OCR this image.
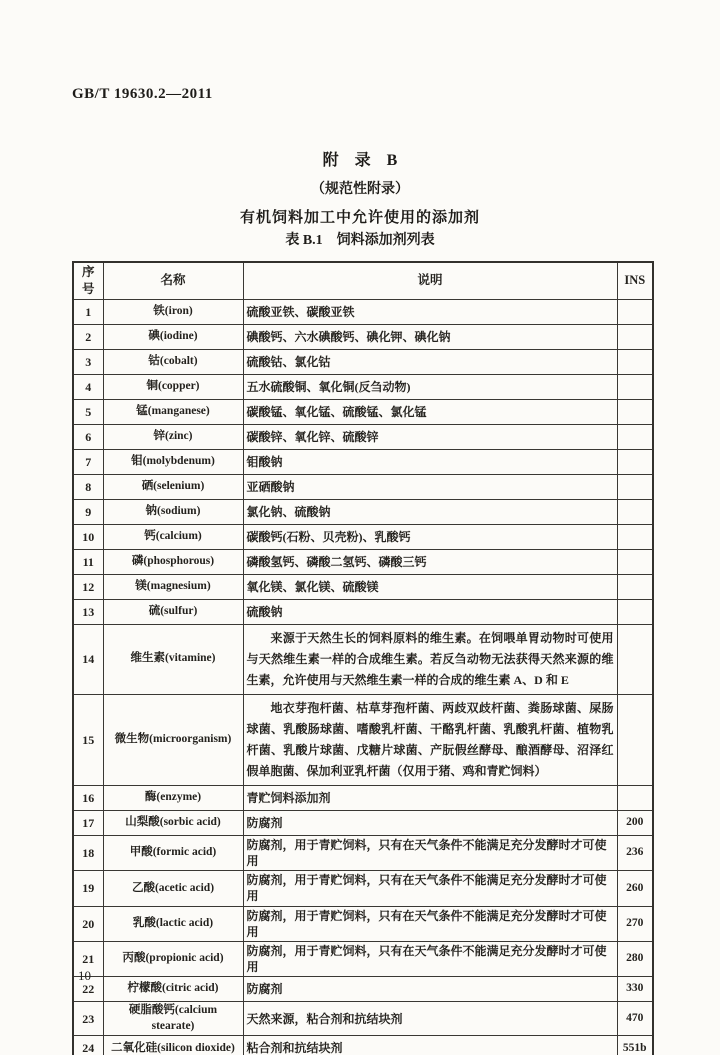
GB/T 19630.2—2011
附　录　B
（规范性附录）
有机饲料加工中允许使用的添加剂
表 B.1　饲料添加剂列表
序号	名称	说明	INS
1	铁(iron)	硫酸亚铁、碳酸亚铁	
2	碘(iodine)	碘酸钙、六水碘酸钙、碘化钾、碘化钠	
3	钴(cobalt)	硫酸钴、氯化钴	
4	铜(copper)	五水硫酸铜、氧化铜(反刍动物)	
5	锰(manganese)	碳酸锰、氧化锰、硫酸锰、氯化锰	
6	锌(zinc)	碳酸锌、氧化锌、硫酸锌	
7	钼(molybdenum)	钼酸钠	
8	硒(selenium)	亚硒酸钠	
9	钠(sodium)	氯化钠、硫酸钠	
10	钙(calcium)	碳酸钙(石粉、贝壳粉)、乳酸钙	
11	磷(phosphorous)	磷酸氢钙、磷酸二氢钙、磷酸三钙	
12	镁(magnesium)	氧化镁、氯化镁、硫酸镁	
13	硫(sulfur)	硫酸钠	
14	维生素(vitamine)	来源于天然生长的饲料原料的维生素。在饲喂单胃动物时可使用与天然维生素一样的合成维生素。若反刍动物无法获得天然来源的维生素，允许使用与天然维生素一样的合成的维生素 A、D 和 E	
15	微生物(microorganism)	地衣芽孢杆菌、枯草芽孢杆菌、两歧双歧杆菌、粪肠球菌、屎肠球菌、乳酸肠球菌、嗜酸乳杆菌、干酪乳杆菌、乳酸乳杆菌、植物乳杆菌、乳酸片球菌、戊糖片球菌、产朊假丝酵母、酿酒酵母、沼泽红假单胞菌、保加利亚乳杆菌（仅用于猪、鸡和青贮饲料）	
16	酶(enzyme)	青贮饲料添加剂	
17	山梨酸(sorbic acid)	防腐剂	200
18	甲酸(formic acid)	防腐剂，用于青贮饲料，只有在天气条件不能满足充分发酵时才可使用	236
19	乙酸(acetic acid)	防腐剂，用于青贮饲料，只有在天气条件不能满足充分发酵时才可使用	260
20	乳酸(lactic acid)	防腐剂，用于青贮饲料，只有在天气条件不能满足充分发酵时才可使用	270
21	丙酸(propionic acid)	防腐剂，用于青贮饲料，只有在天气条件不能满足充分发酵时才可使用	280
22	柠檬酸(citric acid)	防腐剂	330
23	硬脂酸钙(calcium stearate)	天然来源，粘合剂和抗结块剂	470
24	二氧化硅(silicon dioxide)	粘合剂和抗结块剂	551b
10
